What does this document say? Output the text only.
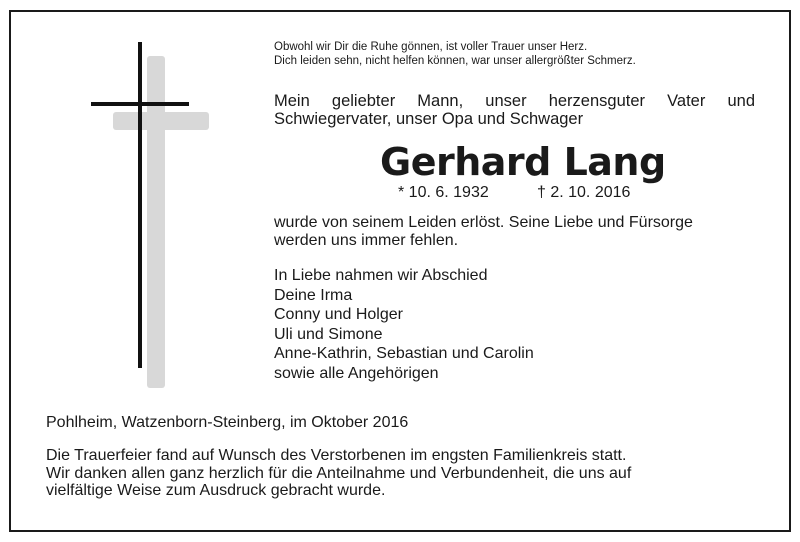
Obwohl wir Dir die Ruhe gönnen, ist voller Trauer unser Herz.
Dich leiden sehn, nicht helfen können, war unser allergrößter Schmerz.
Mein geliebter Mann, unser herzensguter Vater und
Schwiegervater, unser Opa und Schwager
Gerhard Lang
* 10. 6. 1932	† 2. 10. 2016
wurde von seinem Leiden erlöst. Seine Liebe und Fürsorge
werden uns immer fehlen.
In Liebe nahmen wir Abschied
Deine Irma
Conny und Holger
Uli und Simone
Anne-Kathrin, Sebastian und Carolin
sowie alle Angehörigen
Pohlheim, Watzenborn-Steinberg, im Oktober 2016
Die Trauerfeier fand auf Wunsch des Verstorbenen im engsten Familienkreis statt.
Wir danken allen ganz herzlich für die Anteilnahme und Verbundenheit, die uns auf
vielfältige Weise zum Ausdruck gebracht wurde.
